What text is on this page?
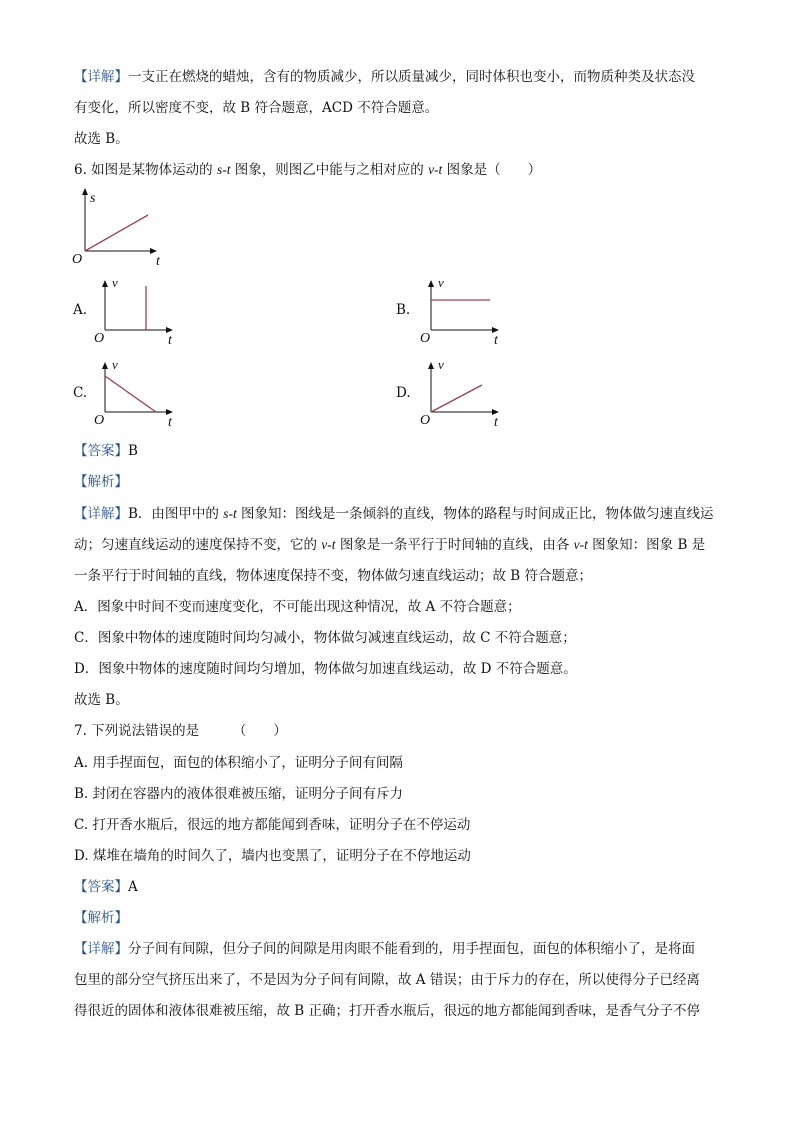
【详解】一支正在燃烧的蜡烛，含有的物质减少，所以质量减少，同时体积也变小，而物质种类及状态没
有变化，所以密度不变，故 B 符合题意，ACD 不符合题意。
故选 B。
6. 如图是某物体运动的 s-t 图象，则图乙中能与之相对应的 v-t 图象是（　　）
s
O	t
A.
v
O	t
B.
v
O	t
C.
v
O	t
D.
v
O	t
【答案】B
【解析】
【详解】B．由图甲中的 s-t 图象知：图线是一条倾斜的直线，物体的路程与时间成正比，物体做匀速直线运
动；匀速直线运动的速度保持不变，它的 v-t 图象是一条平行于时间轴的直线，由各 v-t 图象知：图象 B 是
一条平行于时间轴的直线，物体速度保持不变，物体做匀速直线运动；故 B 符合题意；
A．图象中时间不变而速度变化，不可能出现这种情况，故 A 不符合题意；
C．图象中物体的速度随时间均匀减小，物体做匀减速直线运动，故 C 不符合题意；
D．图象中物体的速度随时间均匀增加，物体做匀加速直线运动，故 D 不符合题意。
故选 B。
7. 下列说法错误的是　　　（　　）
A. 用手捏面包，面包的体积缩小了，证明分子间有间隔
B. 封闭在容器内的液体很难被压缩，证明分子间有斥力
C. 打开香水瓶后，很远的地方都能闻到香味，证明分子在不停运动
D. 煤堆在墙角的时间久了，墙内也变黑了，证明分子在不停地运动
【答案】A
【解析】
【详解】分子间有间隙，但分子间的间隙是用肉眼不能看到的，用手捏面包，面包的体积缩小了，是将面
包里的部分空气挤压出来了，不是因为分子间有间隙，故 A 错误；由于斥力的存在，所以使得分子已经离
得很近的固体和液体很难被压缩，故 B 正确；打开香水瓶后，很远的地方都能闻到香味，是香气分子不停
